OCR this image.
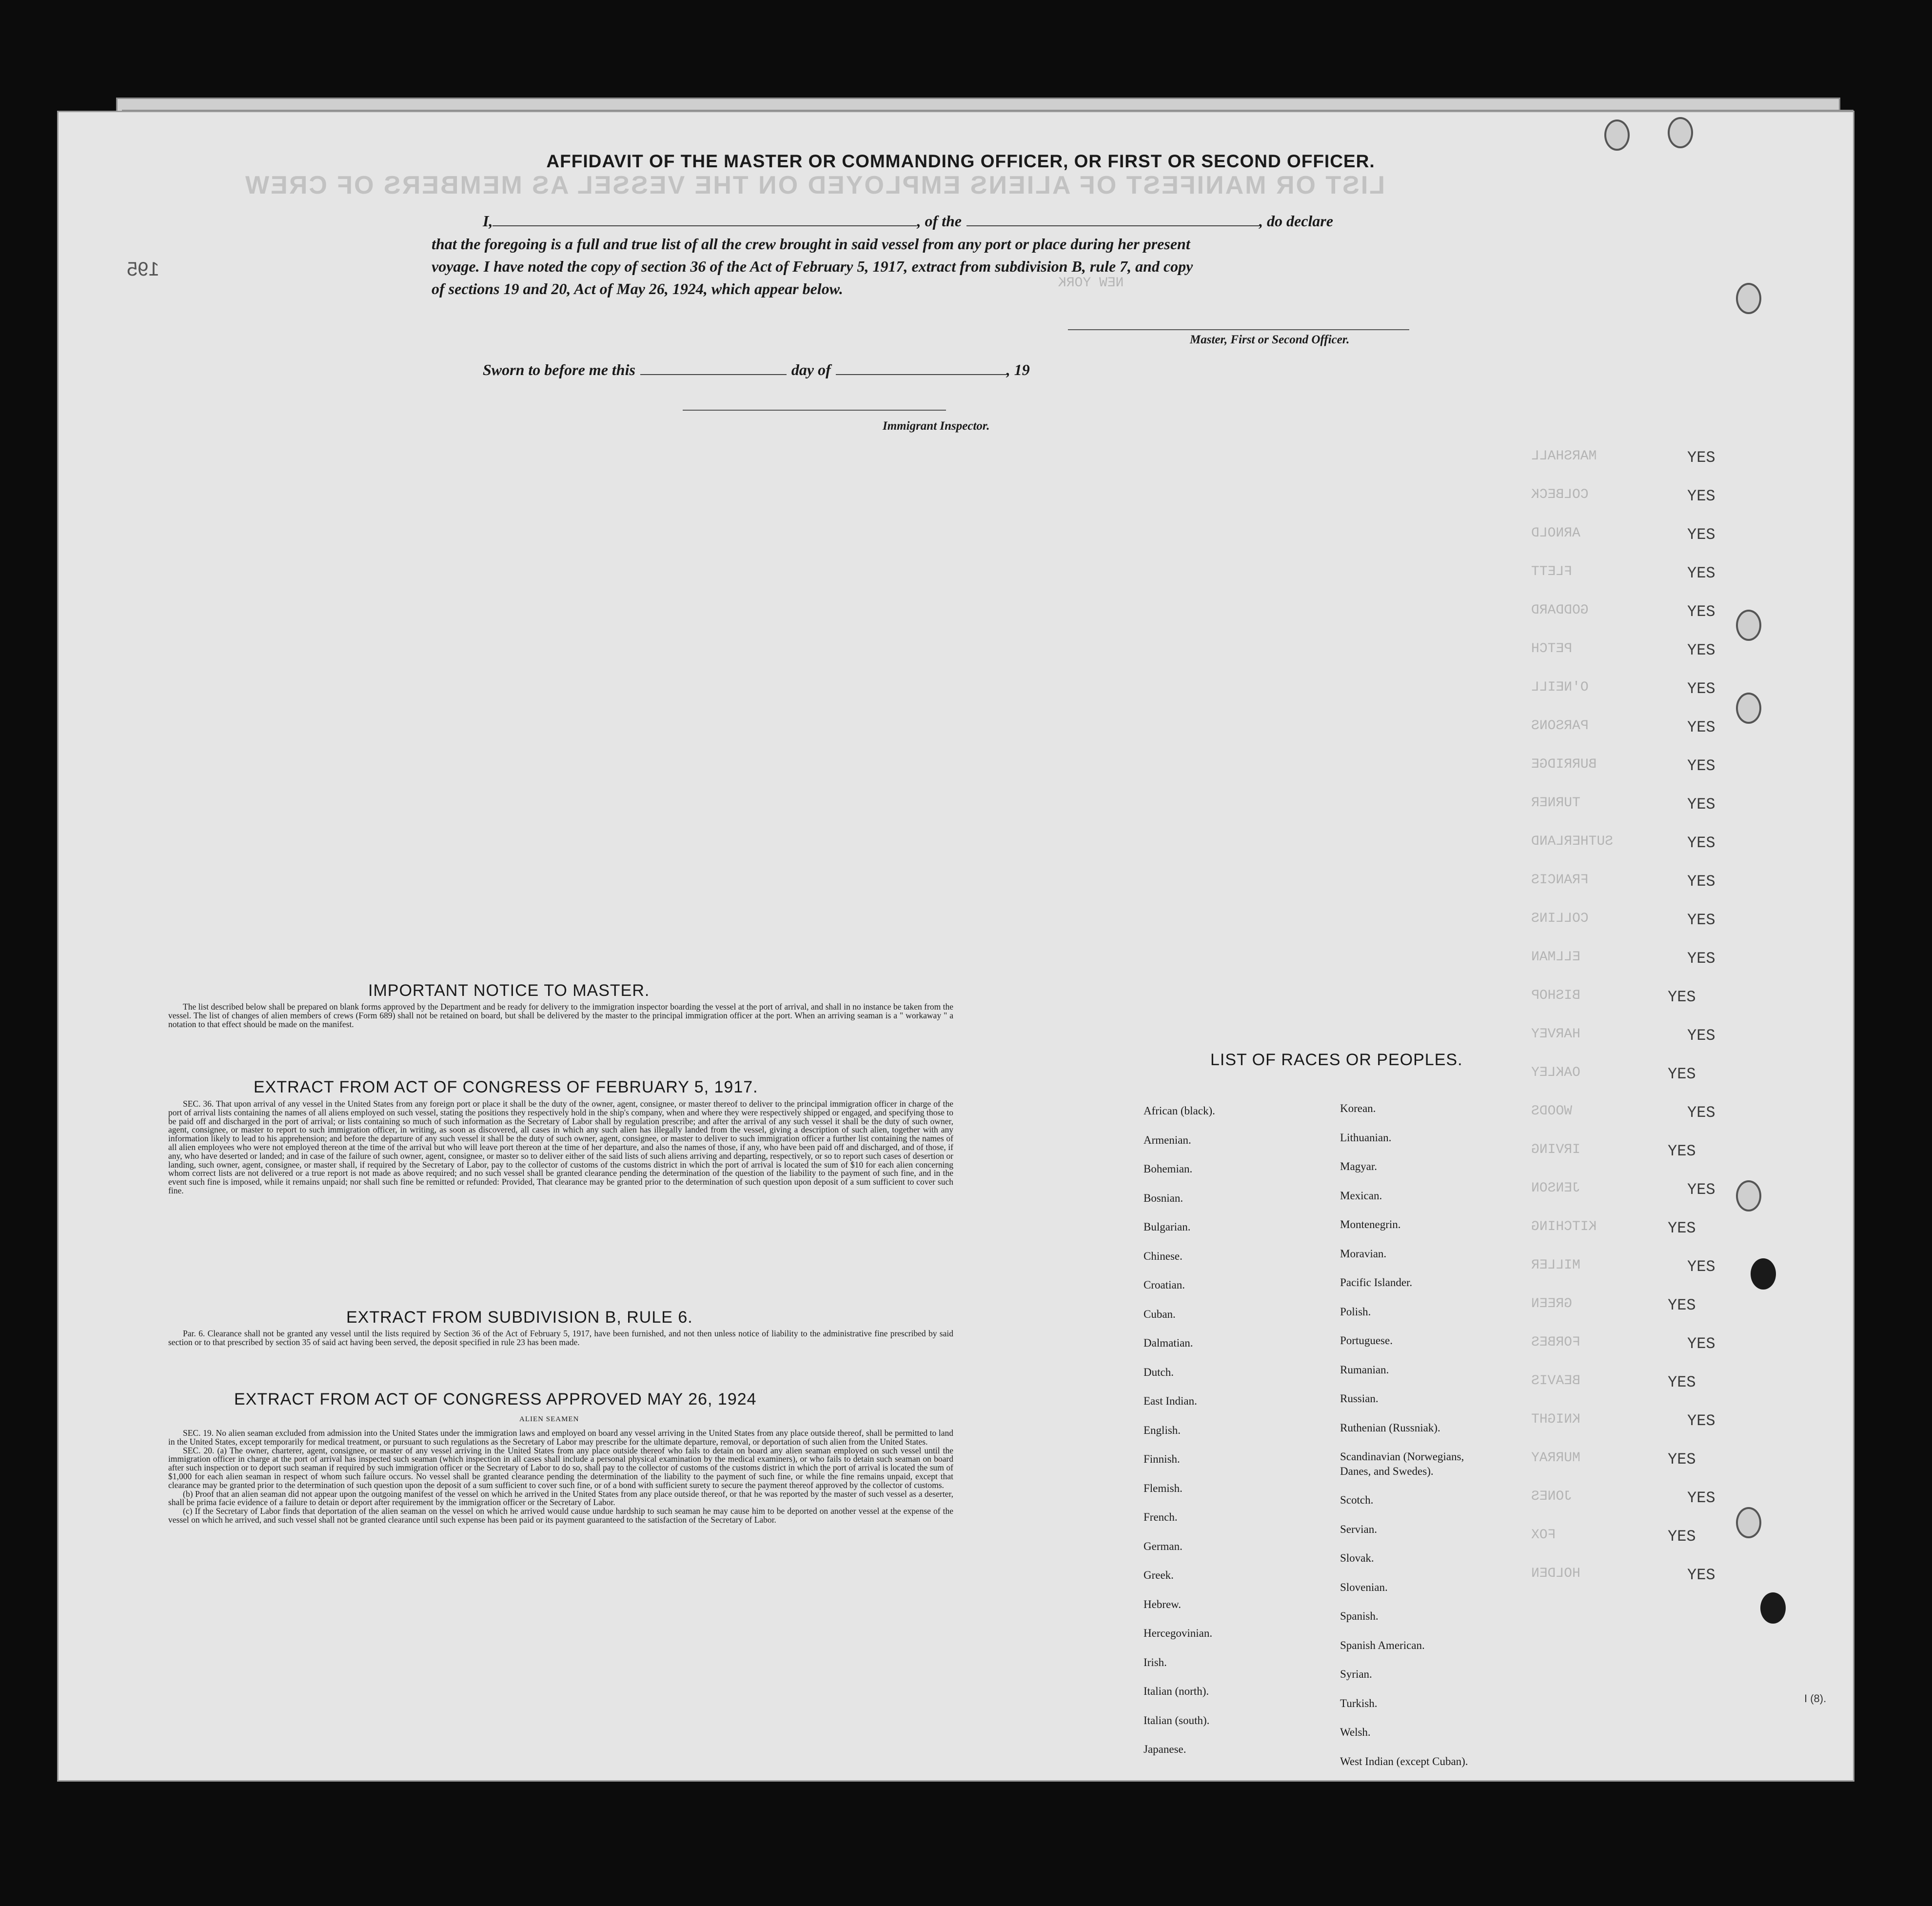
LIST OR MANIFEST OF ALIENS EMPLOYED ON THE VESSEL AS MEMBERS OF CREW
NEW YORK
195
AFFIDAVIT OF THE MASTER OR COMMANDING OFFICER, OR FIRST OR SECOND OFFICER.
I,	, of the	, do declare
that the foregoing is a full and true list of all the crew brought in said vessel from any port or place during her present
voyage. I have noted the copy of section 36 of the Act of February 5, 1917, extract from subdivision B, rule 7, and copy
of sections 19 and 20, Act of May 26, 1924, which appear below.
Master, First or Second Officer.
Sworn to before me this	day of	, 19
Immigrant Inspector.
MARSHALL	YES
COLBECK	YES
ARNOLD	YES
FLETT	YES
GODDARD	YES
PETCH	YES
O'NEILL	YES
PARSONS	YES
BURRIDGE	YES
TURNER	YES
SUTHERLAND	YES
FRANCIS	YES
COLLINS	YES
ELLMAN	YES
BISHOP	YES
HARVEY	YES
OAKLEY	YES
WOODS	YES
IRVING	YES
JENSON	YES
KITCHING	YES
MILLER	YES
GREEN	YES
FORBES	YES
BEAVIS	YES
KNIGHT	YES
MURRAY	YES
JONES	YES
FOX	YES
HOLDEN	YES
IMPORTANT NOTICE TO MASTER.

The list described below shall be prepared on blank forms approved by the Department and be ready for delivery to the immigration inspector boarding the vessel at the port of arrival, and shall in no instance be taken from the vessel. The list of changes of alien members of crews (Form 689) shall not be retained on board, but shall be delivered by the master to the principal immigration officer at the port. When an arriving seaman is a " workaway " a notation to that effect should be made on the manifest.

EXTRACT FROM ACT OF CONGRESS OF FEBRUARY 5, 1917.

SEC. 36. That upon arrival of any vessel in the United States from any foreign port or place it shall be the duty of the owner, agent, consignee, or master thereof to deliver to the principal immigration officer in charge of the port of arrival lists containing the names of all aliens employed on such vessel, stating the positions they respectively hold in the ship's company, when and where they were respectively shipped or engaged, and specifying those to be paid off and discharged in the port of arrival; or lists containing so much of such information as the Secretary of Labor shall by regulation prescribe; and after the arrival of any such vessel it shall be the duty of such owner, agent, consignee, or master to report to such immigration officer, in writing, as soon as discovered, all cases in which any such alien has illegally landed from the vessel, giving a description of such alien, together with any information likely to lead to his apprehension; and before the departure of any such vessel it shall be the duty of such owner, agent, consignee, or master to deliver to such immigration officer a further list containing the names of all alien employees who were not employed thereon at the time of the arrival but who will leave port thereon at the time of her departure, and also the names of those, if any, who have been paid off and discharged, and of those, if any, who have deserted or landed; and in case of the failure of such owner, agent, consignee, or master so to deliver either of the said lists of such aliens arriving and departing, respectively, or so to report such cases of desertion or landing, such owner, agent, consignee, or master shall, if required by the Secretary of Labor, pay to the collector of customs of the customs district in which the port of arrival is located the sum of $10 for each alien concerning whom correct lists are not delivered or a true report is not made as above required; and no such vessel shall be granted clearance pending the determination of the question of the liability to the payment of such fine, and in the event such fine is imposed, while it remains unpaid; nor shall such fine be remitted or refunded: Provided, That clearance may be granted prior to the determination of such question upon deposit of a sum sufficient to cover such fine.

EXTRACT FROM SUBDIVISION B, RULE 6.

Par. 6. Clearance shall not be granted any vessel until the lists required by Section 36 of the Act of February 5, 1917, have been furnished, and not then unless notice of liability to the administrative fine prescribed by said section or to that prescribed by section 35 of said act having been served, the deposit specified in rule 23 has been made.

EXTRACT FROM ACT OF CONGRESS APPROVED MAY 26, 1924
ALIEN SEAMEN

SEC. 19. No alien seaman excluded from admission into the United States under the immigration laws and employed on board any vessel arriving in the United States from any place outside thereof, shall be permitted to land in the United States, except temporarily for medical treatment, or pursuant to such regulations as the Secretary of Labor may prescribe for the ultimate departure, removal, or deportation of such alien from the United States.

SEC. 20. (a) The owner, charterer, agent, consignee, or master of any vessel arriving in the United States from any place outside thereof who fails to detain on board any alien seaman employed on such vessel until the immigration officer in charge at the port of arrival has inspected such seaman (which inspection in all cases shall include a personal physical examination by the medical examiners), or who fails to detain such seaman on board after such inspection or to deport such seaman if required by such immigration officer or the Secretary of Labor to do so, shall pay to the collector of customs of the customs district in which the port of arrival is located the sum of $1,000 for each alien seaman in respect of whom such failure occurs. No vessel shall be granted clearance pending the determination of the liability to the payment of such fine, or while the fine remains unpaid, except that clearance may be granted prior to the determination of such question upon the deposit of a sum sufficient to cover such fine, or of a bond with sufficient surety to secure the payment thereof approved by the collector of customs.

(b) Proof that an alien seaman did not appear upon the outgoing manifest of the vessel on which he arrived in the United States from any place outside thereof, or that he was reported by the master of such vessel as a deserter, shall be prima facie evidence of a failure to detain or deport after requirement by the immigration officer or the Secretary of Labor.

(c) If the Secretary of Labor finds that deportation of the alien seaman on the vessel on which he arrived would cause undue hardship to such seaman he may cause him to be deported on another vessel at the expense of the vessel on which he arrived, and such vessel shall not be granted clearance until such expense has been paid or its payment guaranteed to the satisfaction of the Secretary of Labor.

LIST OF RACES OR PEOPLES.
African (black).
Armenian.
Bohemian.
Bosnian.
Bulgarian.
Chinese.
Croatian.
Cuban.
Dalmatian.
Dutch.
East Indian.
English.
Finnish.
Flemish.
French.
German.
Greek.
Hebrew.
Hercegovinian.
Irish.
Italian (north).
Italian (south).
Japanese.
Korean.
Lithuanian.
Magyar.
Mexican.
Montenegrin.
Moravian.
Pacific Islander.
Polish.
Portuguese.
Rumanian.
Russian.
Ruthenian (Russniak).
Scandinavian (Norwegians,
Danes, and Swedes).
Scotch.
Servian.
Slovak.
Slovenian.
Spanish.
Spanish American.
Syrian.
Turkish.
Welsh.
West Indian (except Cuban).
I (8).
